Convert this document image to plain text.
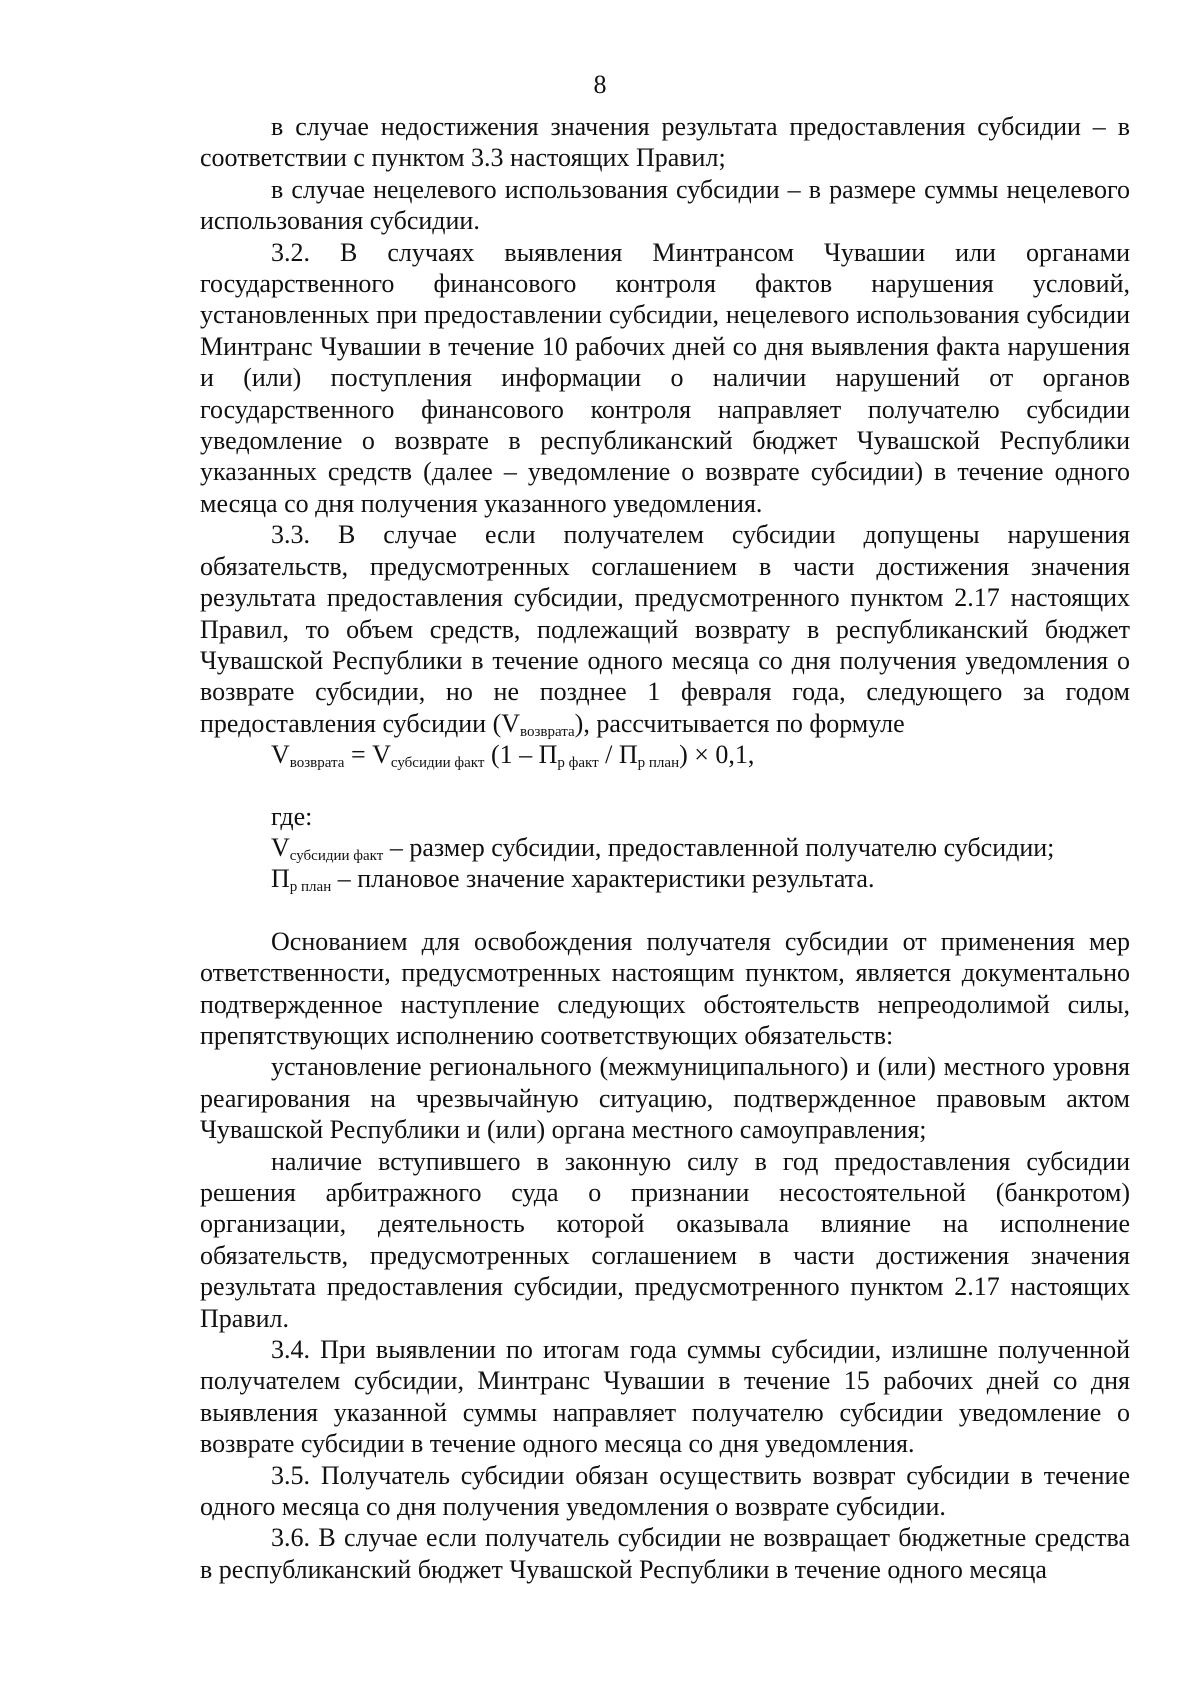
8

в случае недостижения значения результата предоставления субсидии – в соответствии с пунктом 3.3 настоящих Правил;

в случае нецелевого использования субсидии – в размере суммы нецелевого использования субсидии.

3.2. В случаях выявления Минтрансом Чувашии или органами государственного финансового контроля фактов нарушения условий, установленных при предоставлении субсидии, нецелевого использования субсидии Минтранс Чувашии в течение 10 рабочих дней со дня выявления факта нарушения и (или) поступления информации о наличии нарушений от органов государственного финансового контроля направляет получателю субсидии уведомление о возврате в республиканский бюджет Чувашской Республики указанных средств (далее – уведомление о возврате субсидии) в течение одного месяца со дня получения указанного уведомления.

3.3. В случае если получателем субсидии допущены нарушения обязательств, предусмотренных соглашением в части достижения значения результата предоставления субсидии, предусмотренного пунктом 2.17 настоящих Правил, то объем средств, подлежащий возврату в республиканский бюджет Чувашской Республики в течение одного месяца со дня получения уведомления о возврате субсидии, но не позднее 1 февраля года, следующего за годом предоставления субсидии $(V_{возврата})$, рассчитывается по формуле

$V_{возврата} = V_{субсидии факт}$ $(1 - П_{р факт} / П_{р план}) \times 0,1$,

где:

$V_{субсидии факт}$ – размер субсидии, предоставленной получателю субсидии;

$П_{р план}$ – плановое значение характеристики результата.

Основанием для освобождения получателя субсидии от применения мер ответственности, предусмотренных настоящим пунктом, является документально подтвержденное наступление следующих обстоятельств непреодолимой силы, препятствующих исполнению соответствующих обязательств:

установление регионального (межмуниципального) и (или) местного уровня реагирования на чрезвычайную ситуацию, подтвержденное правовым актом Чувашской Республики и (или) органа местного самоуправления;

наличие вступившего в законную силу в год предоставления субсидии решения арбитражного суда о признании несостоятельной (банкротом) организации, деятельность которой оказывала влияние на исполнение обязательств, предусмотренных соглашением в части достижения значения результата предоставления субсидии, предусмотренного пунктом 2.17 настоящих Правил.

3.4. При выявлении по итогам года суммы субсидии, излишне полученной получателем субсидии, Минтранс Чувашии в течение 15 рабочих дней со дня выявления указанной суммы направляет получателю субсидии уведомление о возврате субсидии в течение одного месяца со дня уведомления.

3.5. Получатель субсидии обязан осуществить возврат субсидии в течение одного месяца со дня получения уведомления о возврате субсидии.

3.6. В случае если получатель субсидии не возвращает бюджетные средства в республиканский бюджет Чувашской Республики в течение одного месяца
